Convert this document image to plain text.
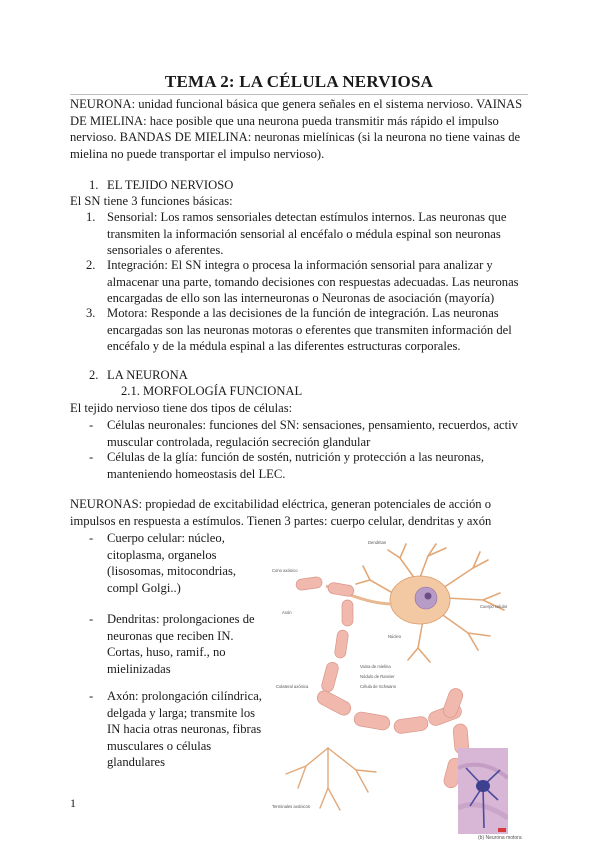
TEMA 2: LA CÉLULA NERVIOSA
NEURONA: unidad funcional básica que genera señales en el sistema nervioso. VAINAS DE MIELINA: hace posible que una neurona pueda transmitir más rápido el impulso nervioso. BANDAS DE MIELINA: neuronas mielínicas (si la neurona no tiene vainas de mielina no puede transportar el impulso nervioso).
1. EL TEJIDO NERVIOSO
El SN tiene 3 funciones básicas:
1. Sensorial: Los ramos sensoriales detectan estímulos internos. Las neuronas que transmiten la información sensorial al encéfalo o médula espinal son neuronas sensoriales o aferentes.
2. Integración: El SN integra o procesa la información sensorial para analizar y almacenar una parte, tomando decisiones con respuestas adecuadas. Las neuronas encargadas de ello son las interneuronas o Neuronas de asociación (mayoría)
3. Motora: Responde a las decisiones de la función de integración. Las neuronas encargadas son las neuronas motoras o eferentes que transmiten información del encéfalo y de la médula espinal a las diferentes estructuras corporales.
2. LA NEURONA
2.1. MORFOLOGÍA FUNCIONAL
El tejido nervioso tiene dos tipos de células:
- Células neuronales: funciones del SN: sensaciones, pensamiento, recuerdos, activ muscular controlada, regulación secreción glandular
- Células de la glía: función de sostén, nutrición y protección a las neuronas, manteniendo homeostasis del LEC.
NEURONAS: propiedad de excitabilidad eléctrica, generan potenciales de acción o impulsos en respuesta a estímulos. Tienen 3 partes: cuerpo celular, dendritas y axón
- Cuerpo celular: núcleo, citoplasma, organelos (lisosomas, mitocondrias, compl Golgi..)
- Dendritas: prolongaciones de neuronas que reciben IN. Cortas, huso, ramif., no mielinizadas
- Axón: prolongación cilíndrica, delgada y larga; transmite los IN hacia otras neuronas, fibras musculares o células glandulares
Dendritas
Cuerpo celular
Núcleo
Axón
Vaina de mielina
Nódulo de Ranvier
Terminales axónicos
Célula de Schwann
Colateral axónica
Cono axónico
(b) Neurona motora
1
